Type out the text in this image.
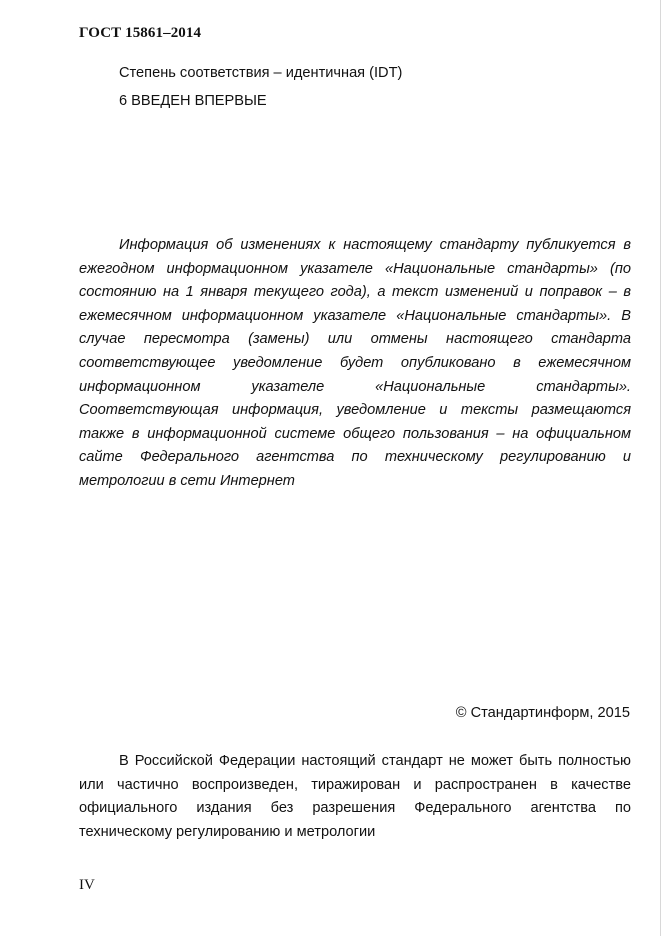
ГОСТ 15861–2014
Степень соответствия – идентичная (IDT)
6 ВВЕДЕН ВПЕРВЫЕ

Информация об изменениях к настоящему стандарту публикуется в ежегодном информационном указателе «Национальные стандарты» (по состоянию на 1 января текущего года), а текст изменений и поправок – в ежемесячном информационном указателе «Национальные стандарты». В случае пересмотра (замены) или отмены настоящего стандарта соответствующее уведомление будет опубликовано в ежемесячном информационном указателе «Национальные стандарты». Соответствующая информация, уведомление и тексты размещаются также в информационной системе общего пользования – на официальном сайте Федерального агентства по техническому регулированию и метрологии в сети Интернет

© Стандартинформ, 2015

В Российской Федерации настоящий стандарт не может быть полностью или частично воспроизведен, тиражирован и распространен в качестве официального издания без разрешения Федерального агентства по техническому регулированию и метрологии

IV
